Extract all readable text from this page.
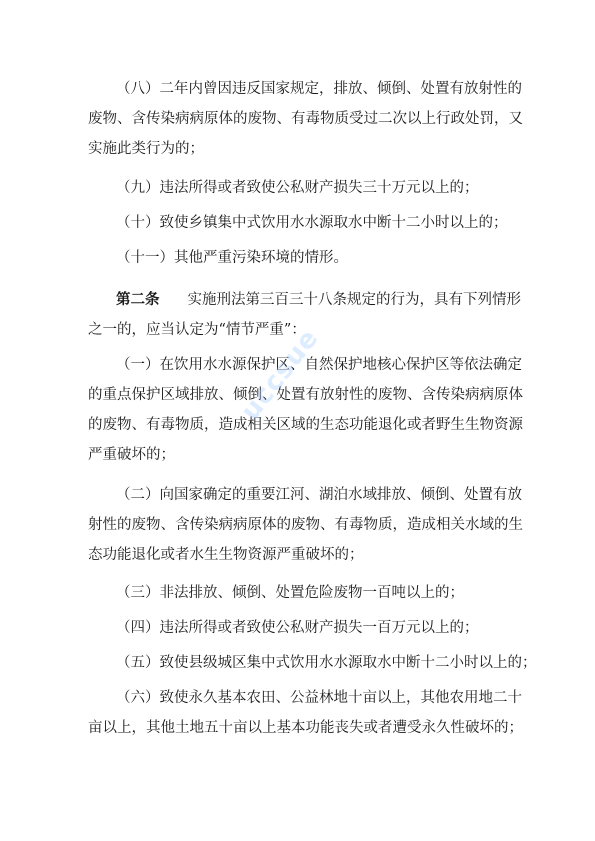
（八）二年内曾因违反国家规定，排放、倾倒、处置有放射性的
废物、含传染病病原体的废物、有毒物质受过二次以上行政处罚，又
实施此类行为的；

（九）违法所得或者致使公私财产损失三十万元以上的；

（十）致使乡镇集中式饮用水水源取水中断十二小时以上的；

（十一）其他严重污染环境的情形。

第二条 实施刑法第三百三十八条规定的行为，具有下列情形
之一的，应当认定为“情节严重”：

（一）在饮用水水源保护区、自然保护地核心保护区等依法确定
的重点保护区域排放、倾倒、处置有放射性的废物、含传染病病原体
的废物、有毒物质，造成相关区域的生态功能退化或者野生生物资源
严重破坏的；

（二）向国家确定的重要江河、湖泊水域排放、倾倒、处置有放
射性的废物、含传染病病原体的废物、有毒物质，造成相关水域的生
态功能退化或者水生生物资源严重破坏的；

（三）非法排放、倾倒、处置危险废物一百吨以上的；

（四）违法所得或者致使公私财产损失一百万元以上的；

（五）致使县级城区集中式饮用水水源取水中断十二小时以上的；

（六）致使永久基本农田、公益林地十亩以上，其他农用地二十
亩以上，其他土地五十亩以上基本功能丧失或者遭受永久性破坏的；

uccsue
